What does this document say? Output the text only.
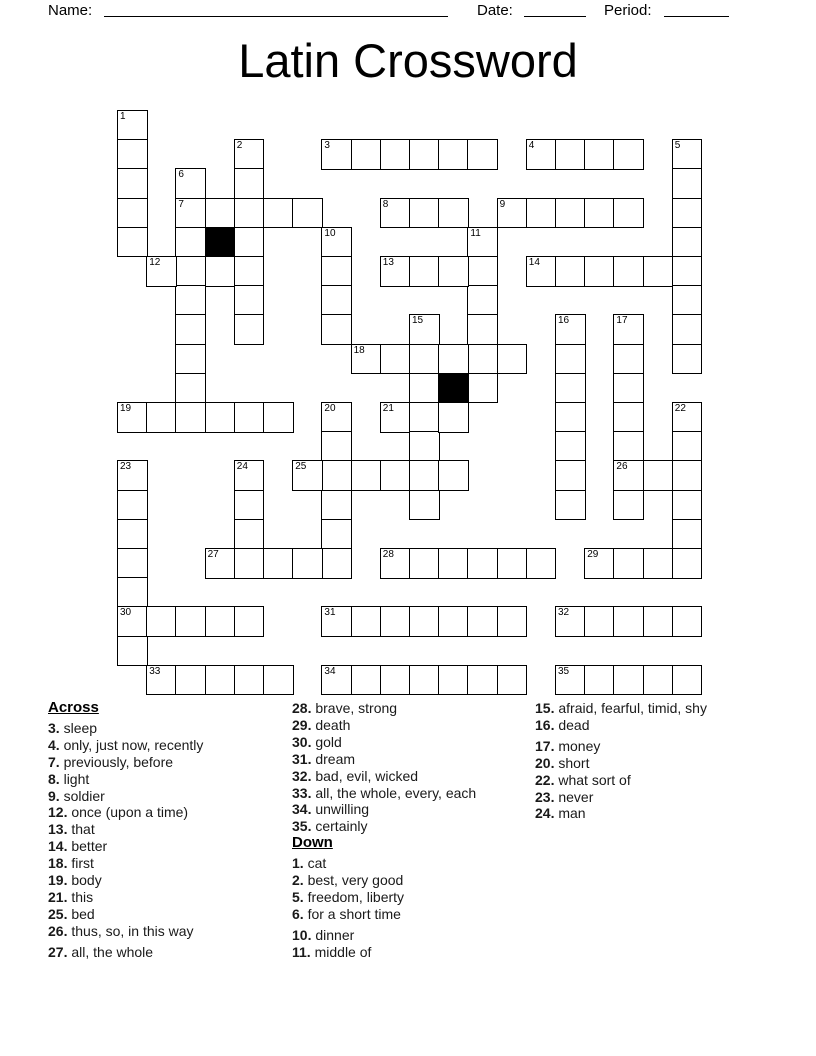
Name:	Date:	Period:
Latin Crossword
1
2	3	4	5
6
7	8	9
10	11
12	13	14
15	16	17
26
18
19	20	21	22
23
30
24	25
27	28	29
31	32
33	34	35
Across
3. sleep
4. only, just now, recently
7. previously, before
8. light
9. soldier
12. once (upon a time)
13. that
14. better
18. first
19. body
21. this
25. bed
26. thus, so, in this way
27. all, the whole
28. brave, strong
29. death
30. gold
31. dream
32. bad, evil, wicked
33. all, the whole, every, each
34. unwilling
35. certainly
Down
1. cat
2. best, very good
5. freedom, liberty
6. for a short time
10. dinner
11. middle of
15. afraid, fearful, timid, shy
16. dead
17. money
20. short
22. what sort of
23. never
24. man
